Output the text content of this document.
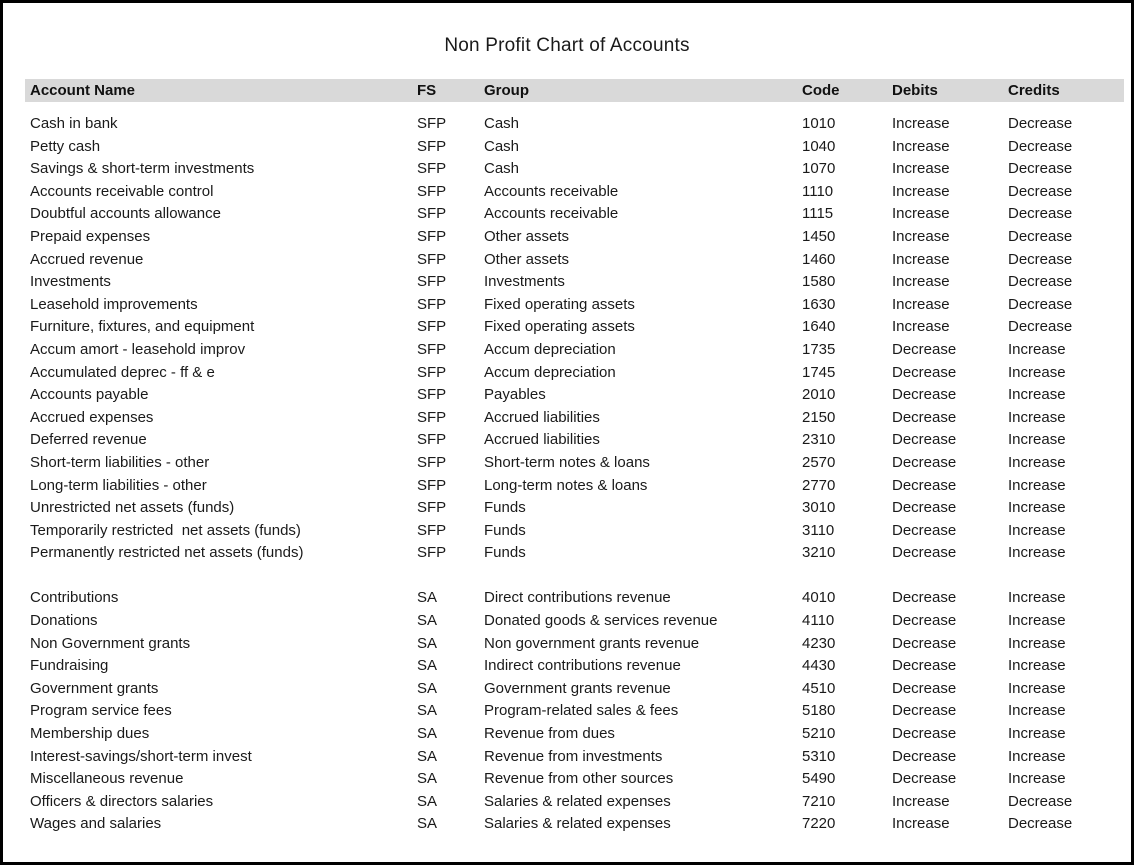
Non Profit Chart of Accounts
Account Name	FS	Group	Code	Debits	Credits
Cash in bank	SFP	Cash	1010	Increase	Decrease
Petty cash	SFP	Cash	1040	Increase	Decrease
Savings & short-term investments	SFP	Cash	1070	Increase	Decrease
Accounts receivable control	SFP	Accounts receivable	1110	Increase	Decrease
Doubtful accounts allowance	SFP	Accounts receivable	1115	Increase	Decrease
Prepaid expenses	SFP	Other assets	1450	Increase	Decrease
Accrued revenue	SFP	Other assets	1460	Increase	Decrease
Investments	SFP	Investments	1580	Increase	Decrease
Leasehold improvements	SFP	Fixed operating assets	1630	Increase	Decrease
Furniture, fixtures, and equipment	SFP	Fixed operating assets	1640	Increase	Decrease
Accum amort - leasehold improv	SFP	Accum depreciation	1735	Decrease	Increase
Accumulated deprec - ff & e	SFP	Accum depreciation	1745	Decrease	Increase
Accounts payable	SFP	Payables	2010	Decrease	Increase
Accrued expenses	SFP	Accrued liabilities	2150	Decrease	Increase
Deferred revenue	SFP	Accrued liabilities	2310	Decrease	Increase
Short-term liabilities - other	SFP	Short-term notes & loans	2570	Decrease	Increase
Long-term liabilities - other	SFP	Long-term notes & loans	2770	Decrease	Increase
Unrestricted net assets (funds)	SFP	Funds	3010	Decrease	Increase
Temporarily restricted  net assets (funds)	SFP	Funds	3110	Decrease	Increase
Permanently restricted net assets (funds)	SFP	Funds	3210	Decrease	Increase

Contributions	SA	Direct contributions revenue	4010	Decrease	Increase
Donations	SA	Donated goods & services revenue	4110	Decrease	Increase
Non Government grants	SA	Non government grants revenue	4230	Decrease	Increase
Fundraising	SA	Indirect contributions revenue	4430	Decrease	Increase
Government grants	SA	Government grants revenue	4510	Decrease	Increase
Program service fees	SA	Program-related sales & fees	5180	Decrease	Increase
Membership dues	SA	Revenue from dues	5210	Decrease	Increase
Interest-savings/short-term invest	SA	Revenue from investments	5310	Decrease	Increase
Miscellaneous revenue	SA	Revenue from other sources	5490	Decrease	Increase
Officers & directors salaries	SA	Salaries & related expenses	7210	Increase	Decrease
Wages and salaries	SA	Salaries & related expenses	7220	Increase	Decrease
